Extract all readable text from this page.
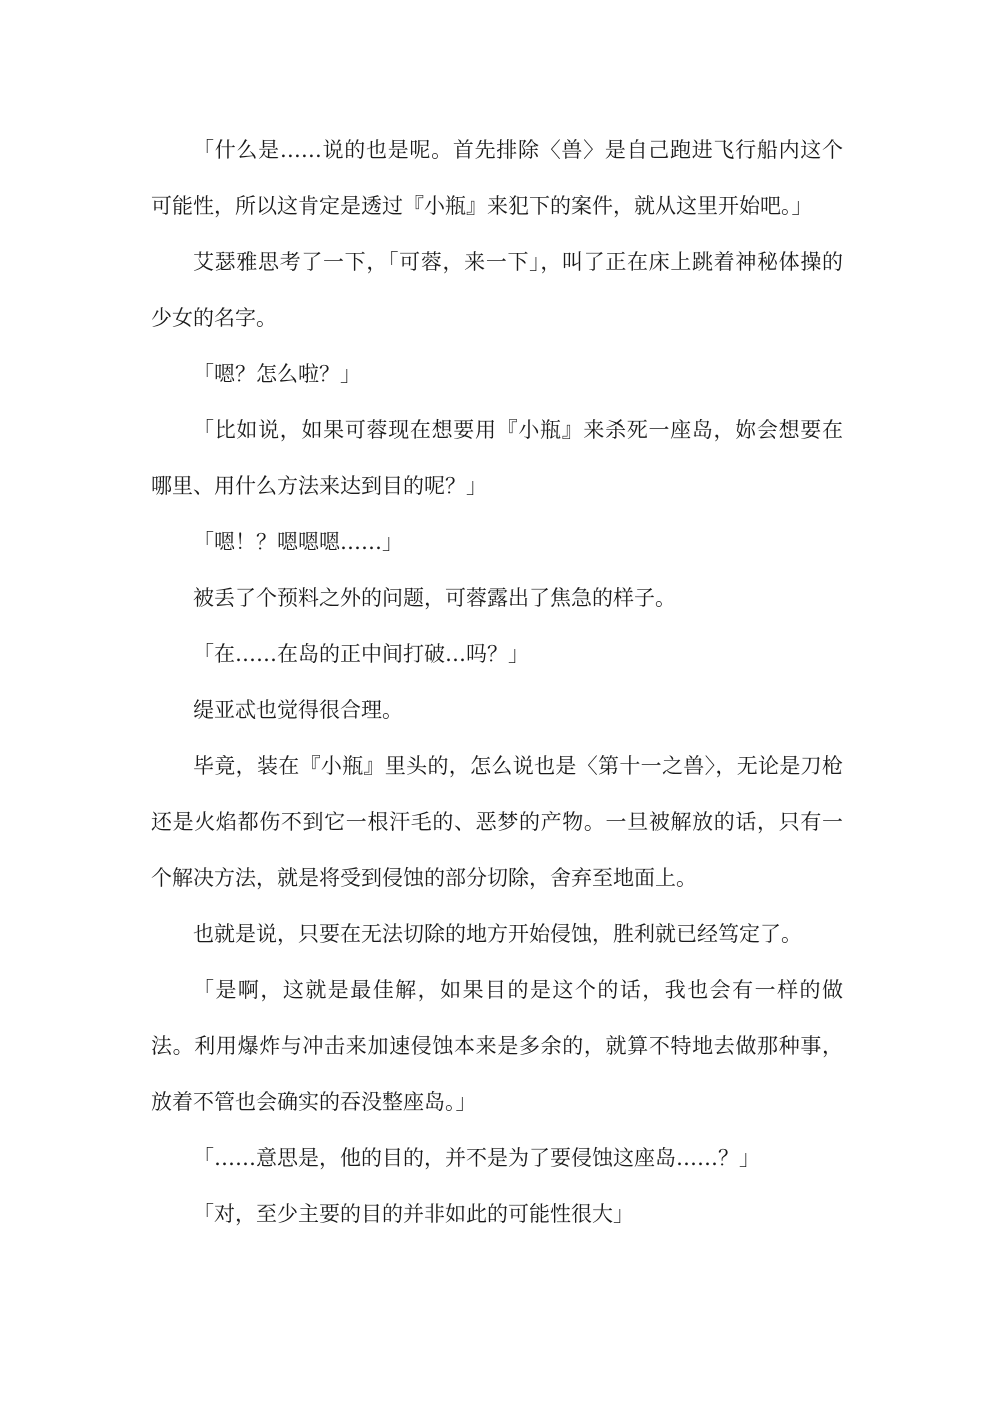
「什么是……说的也是呢。首先排除〈兽〉是自己跑进飞行船内这个可能性，所以这肯定是透过『小瓶』来犯下的案件，就从这里开始吧。」

艾瑟雅思考了一下，「可蓉，来一下」，叫了正在床上跳着神秘体操的少女的名字。

「嗯？怎么啦？」

「比如说，如果可蓉现在想要用『小瓶』来杀死一座岛，妳会想要在哪里、用什么方法来达到目的呢？」

「嗯！？嗯嗯嗯……」

被丢了个预料之外的问题，可蓉露出了焦急的样子。

「在……在岛的正中间打破…吗？」

缇亚忒也觉得很合理。

毕竟，装在『小瓶』里头的，怎么说也是〈第十一之兽〉，无论是刀枪还是火焰都伤不到它一根汗毛的、恶梦的产物。一旦被解放的话，只有一个解决方法，就是将受到侵蚀的部分切除，舍弃至地面上。

也就是说，只要在无法切除的地方开始侵蚀，胜利就已经笃定了。

「是啊，这就是最佳解，如果目的是这个的话，我也会有一样的做法。利用爆炸与冲击来加速侵蚀本来是多余的，就算不特地去做那种事，放着不管也会确实的吞没整座岛。」

「……意思是，他的目的，并不是为了要侵蚀这座岛……？」

「对，至少主要的目的并非如此的可能性很大」
